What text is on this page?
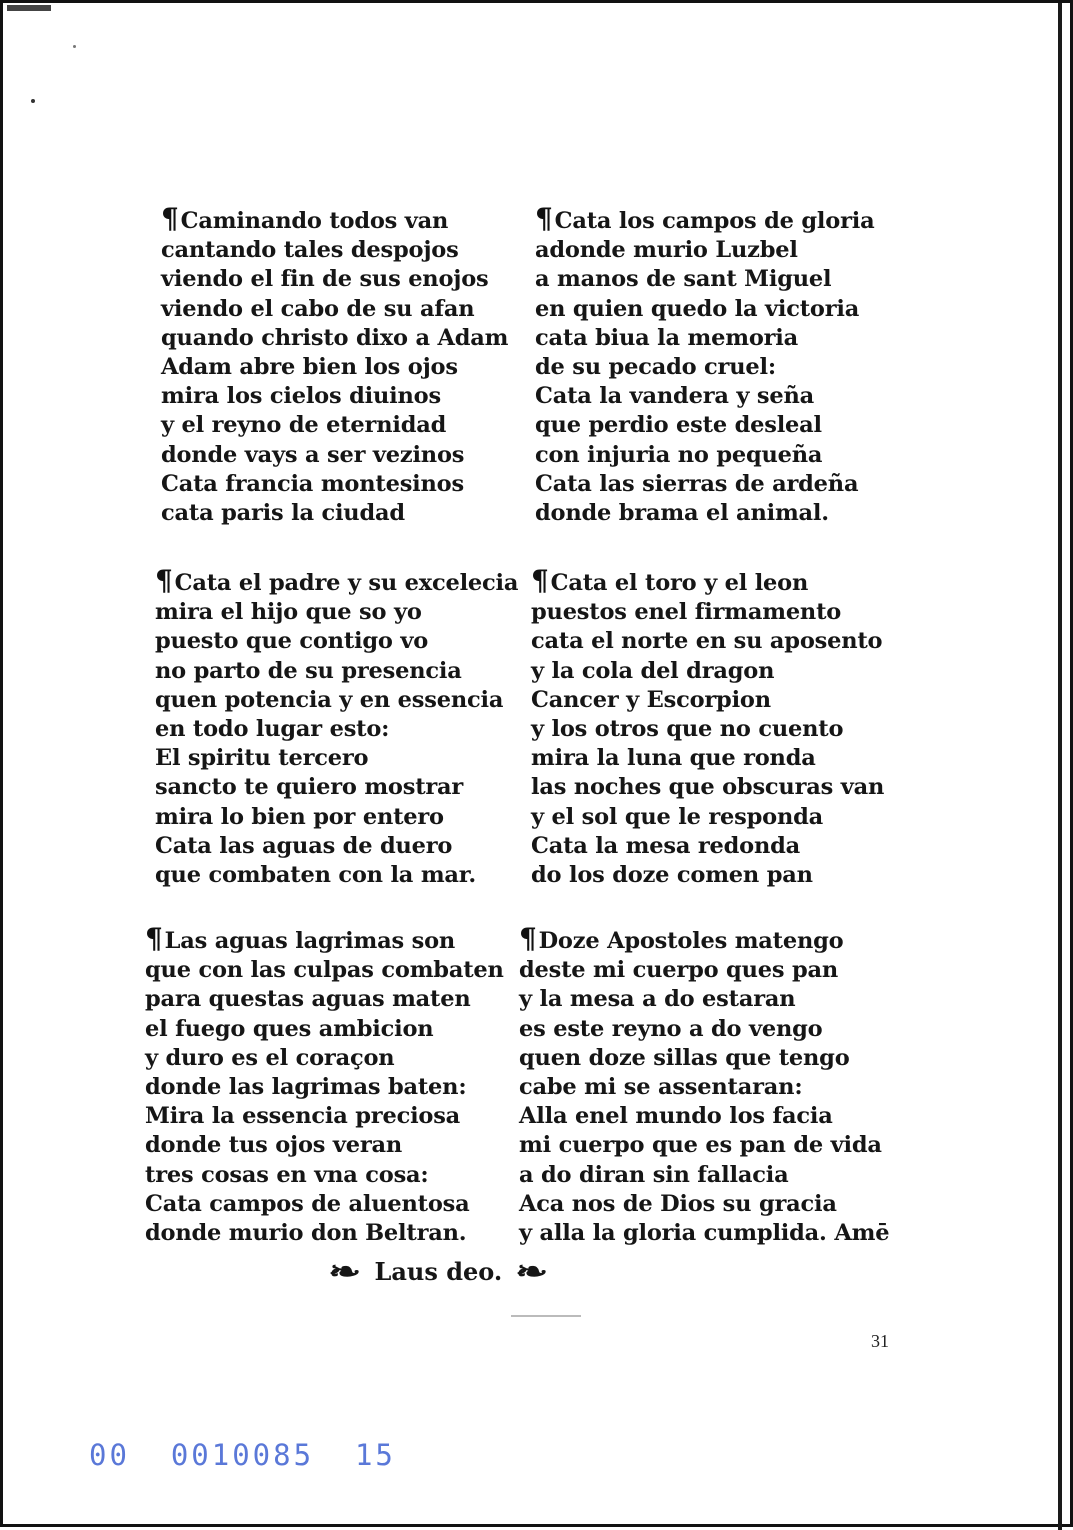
¶Caminando todos van
cantando tales despojos
viendo el fin de sus enojos
viendo el cabo de su afan
quando christo dixo a Adam
Adam abre bien los ojos
mira los cielos diuinos
y el reyno de eternidad
donde vays a ser vezinos
Cata francia montesinos
cata paris la ciudad
¶Cata los campos de gloria
adonde murio Luzbel
a manos de sant Miguel
en quien quedo la victoria
cata biua la memoria
de su pecado cruel:
Cata la vandera y seña
que perdio este desleal
con injuria no pequeña
Cata las sierras de ardeña
donde brama el animal.
¶Cata el padre y su excelecia
mira el hijo que so yo
puesto que contigo vo
no parto de su presencia
quen potencia y en essencia
en todo lugar esto:
El spiritu tercero
sancto te quiero mostrar
mira lo bien por entero
Cata las aguas de duero
que combaten con la mar.
¶Cata el toro y el leon
puestos enel firmamento
cata el norte en su aposento
y la cola del dragon
Cancer y Escorpion
y los otros que no cuento
mira la luna que ronda
las noches que obscuras van
y el sol que le responda
Cata la mesa redonda
do los doze comen pan
¶Las aguas lagrimas son
que con las culpas combaten
para questas aguas maten
el fuego ques ambicion
y duro es el coraçon
donde las lagrimas baten:
Mira la essencia preciosa
donde tus ojos veran
tres cosas en vna cosa:
Cata campos de aluentosa
donde murio don Beltran.
¶Doze Apostoles matengo
deste mi cuerpo ques pan
y la mesa a do estaran
es este reyno a do vengo
quen doze sillas que tengo
cabe mi se assentaran:
Alla enel mundo los facia
mi cuerpo que es pan de vida
a do diran sin fallacia
Aca nos de Dios su gracia
y alla la gloria cumplida. Amē
❧ Laus deo. ❧
31
00  0010085  15
